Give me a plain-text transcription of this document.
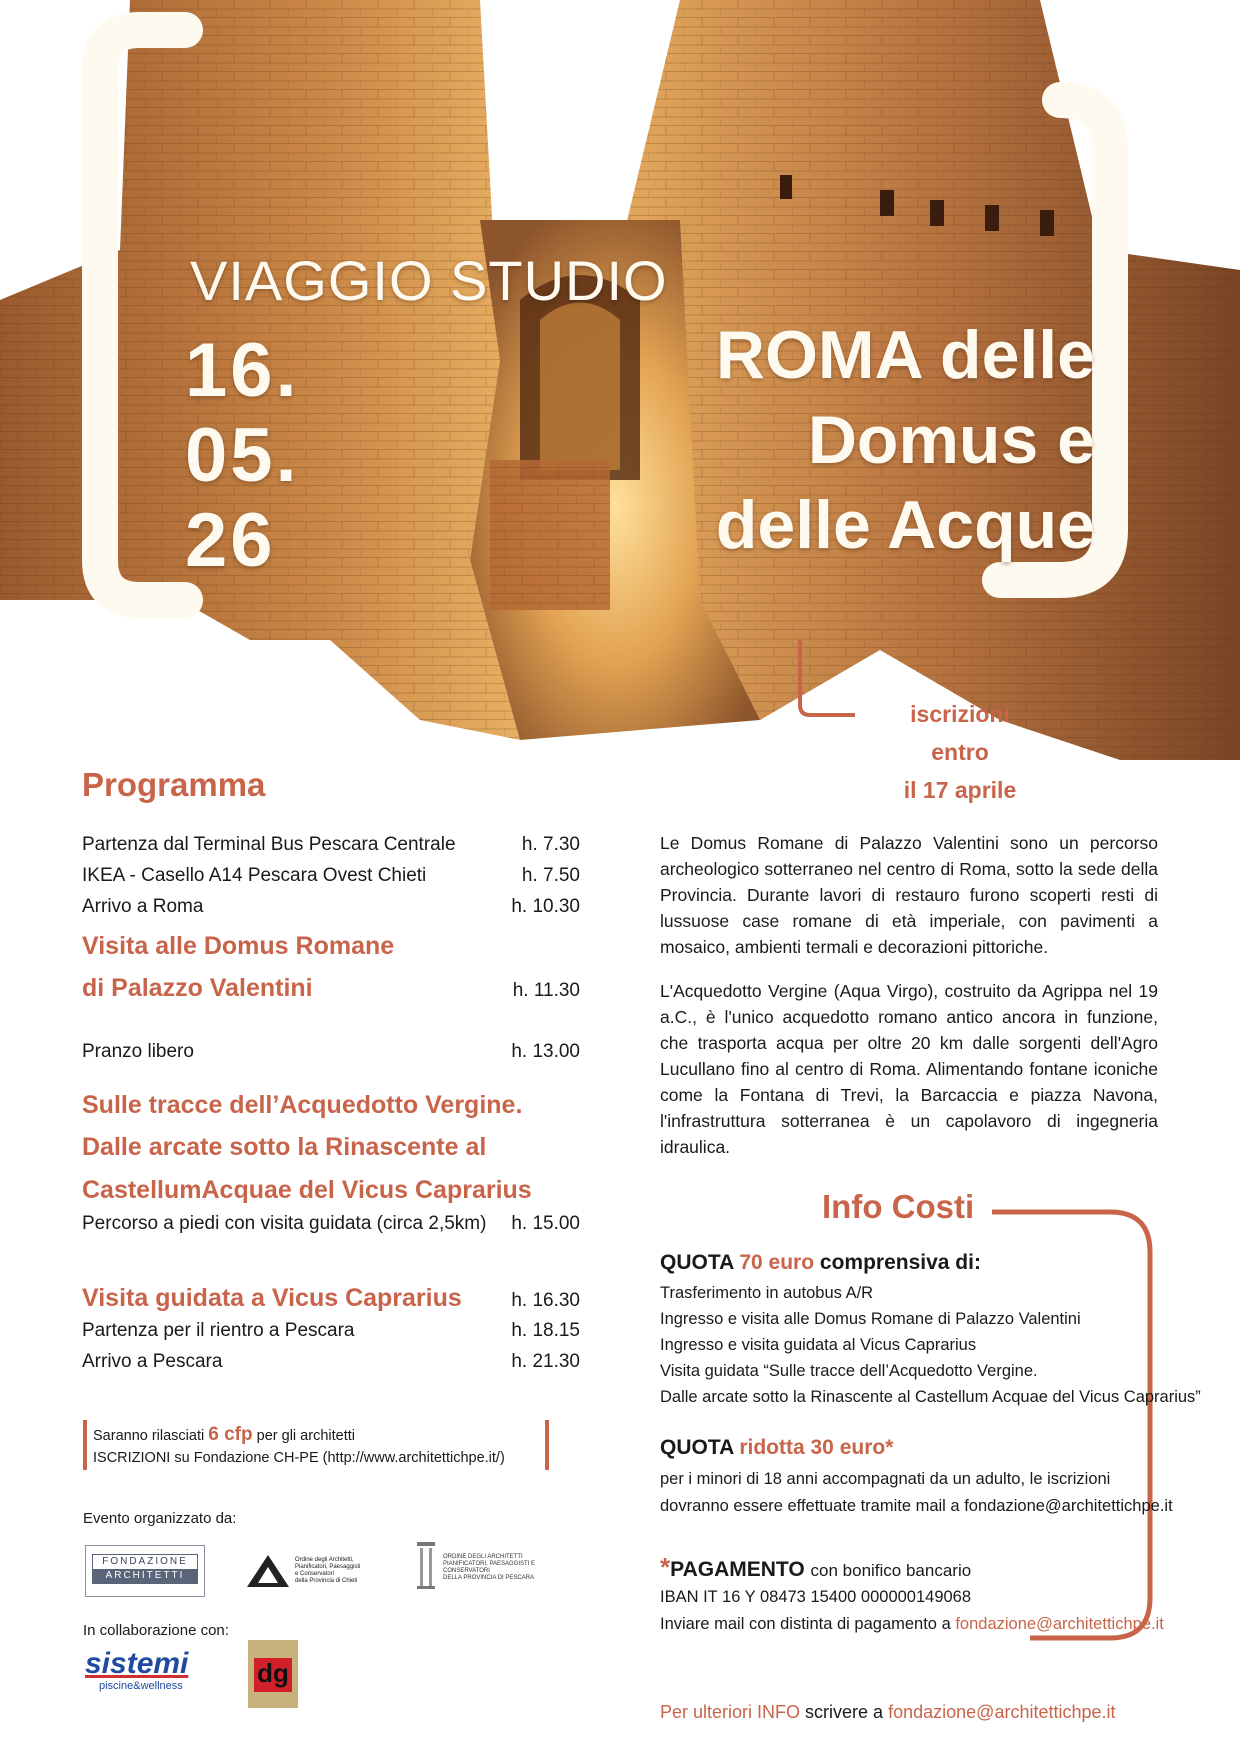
VIAGGIO STUDIO
16.
05.
26
ROMA delle
Domus e
delle Acque
iscrizioni entro
il 17 aprile
Programma
Partenza dal Terminal Bus Pescara Centrale	h. 7.30
IKEA - Casello A14 Pescara Ovest Chieti	h. 7.50
Arrivo a Roma	h. 10.30
Visita alle Domus Romane
di Palazzo Valentini	h. 11.30
Pranzo libero	h. 13.00
Sulle tracce dell’Acquedotto Vergine.
Dalle arcate sotto la Rinascente al
CastellumAcquae del Vicus Caprarius
Percorso a piedi con visita guidata (circa 2,5km) h. 15.00
Visita guidata a Vicus Caprarius	h. 16.30
Partenza per il rientro a Pescara	h. 18.15
Arrivo a Pescara	h. 21.30
Saranno rilasciati 6 cfp per gli architetti
ISCRIZIONI su Fondazione CH-PE (http://www.architettichpe.it/)
Evento organizzato da:
FONDAZIONE
ARCHITETTI
Ordine degli Architetti,
Pianificatori, Paesaggisti
e Conservatori
della Provincia di Chieti
ORDINE DEGLI ARCHITETTI
PIANIFICATORI, PAESAGGISTI E
CONSERVATORI
DELLA PROVINCIA DI PESCARA
In collaborazione con:
sistemi
piscine&wellness	dg
Le Domus Romane di Palazzo Valentini sono un percorso archeologico sotterraneo nel centro di Roma, sotto la sede della Provincia. Durante lavori di restauro furono scoperti resti di lussuose case romane di età imperiale, con pavimenti a mosaico, ambienti termali e decorazioni pittoriche.
L'Acquedotto Vergine (Aqua Virgo), costruito da Agrippa nel 19 a.C., è l'unico acquedotto romano antico ancora in funzione, che trasporta acqua per oltre 20 km dalle sorgenti dell'Agro Lucullano fino al centro di Roma. Alimentando fontane iconiche come la Fontana di Trevi, la Barcaccia e piazza Navona, l'infrastruttura sotterranea è un capolavoro di ingegneria idraulica.
Info Costi
QUOTA 70 euro comprensiva di:
Trasferimento in autobus A/R
Ingresso e visita alle Domus Romane di Palazzo Valentini
Ingresso e visita guidata al Vicus Caprarius
Visita guidata “Sulle tracce dell’Acquedotto Vergine.
Dalle arcate sotto la Rinascente al Castellum Acquae del Vicus Caprarius”
QUOTA ridotta 30 euro*
per i minori di 18 anni accompagnati da un adulto, le iscrizioni
dovranno essere effettuate tramite mail a fondazione@architettichpe.it
*PAGAMENTO con bonifico bancario
IBAN IT 16 Y 08473 15400 000000149068
Inviare mail con distinta di pagamento a fondazione@architettichpe.it
Per ulteriori INFO scrivere a fondazione@architettichpe.it
